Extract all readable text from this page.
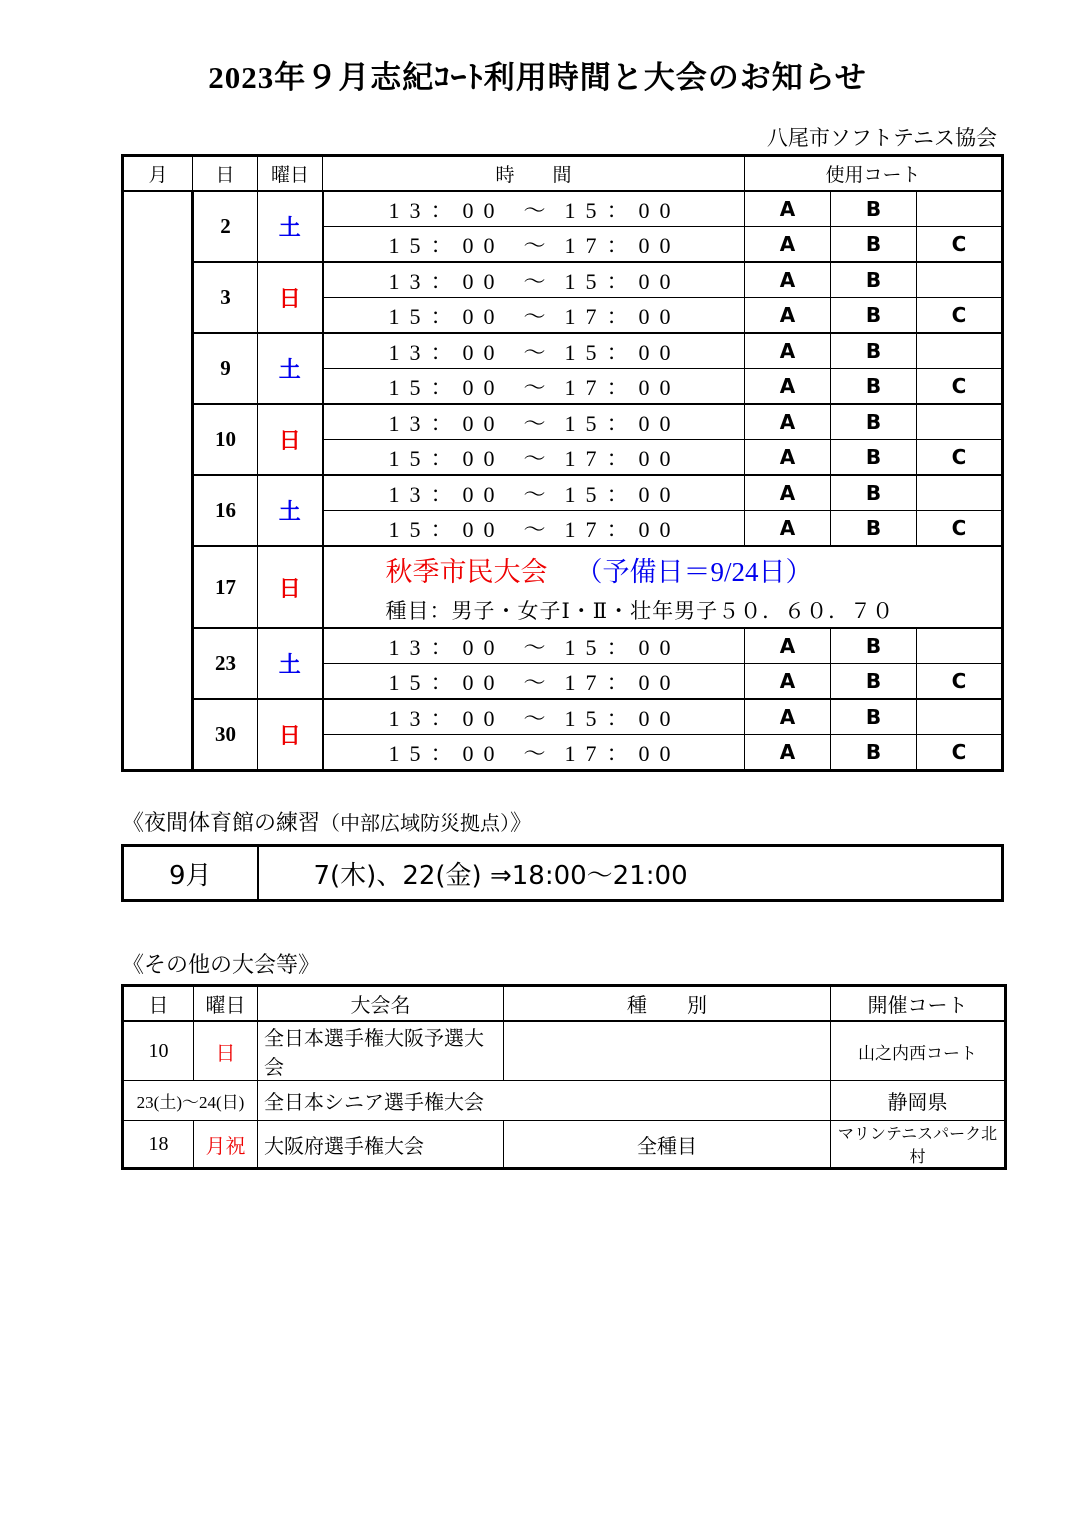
2023年９月志紀ｺｰﾄ利用時間と大会のお知らせ
八尾市ソフトテニス協会
月	日	曜日	時　　間	使用コート		
	2	土	13：00 ～ 15：00	A	B	
			15：00 ～ 17：00	A	B	C
	3	日	13：00 ～ 15：00	A	B	
			15：00 ～ 17：00	A	B	C
	9	土	13：00 ～ 15：00	A	B	
			15：00 ～ 17：00	A	B	C
	10	日	13：00 ～ 15：00	A	B	
			15：00 ～ 17：00	A	B	C
	16	土	13：00 ～ 15：00	A	B	
			15：00 ～ 17：00	A	B	C
	17	日	秋季市民大会 （予備日＝9/24日）
種目：男子・女子Ⅰ・Ⅱ・壮年男子５０．６０．７０			

	23	土	13：00 ～ 15：00	A	B	
			15：00 ～ 17：00	A	B	C
	30	日	13：00 ～ 15：00	A	B	
			15：00 ～ 17：00	A	B	C
《夜間体育館の練習（中部広域防災拠点）》
9月	7(木)、22(金) ⇒18:00～21:00
《その他の大会等》
日	曜日	大会名	種　　別	開催コート
10	日	全日本選手権大阪予選大会		山之内西コート
23(土)～24(日)		全日本シニア選手権大会		静岡県
18	月祝	大阪府選手権大会	全種目	マリンテニスパーク北村
